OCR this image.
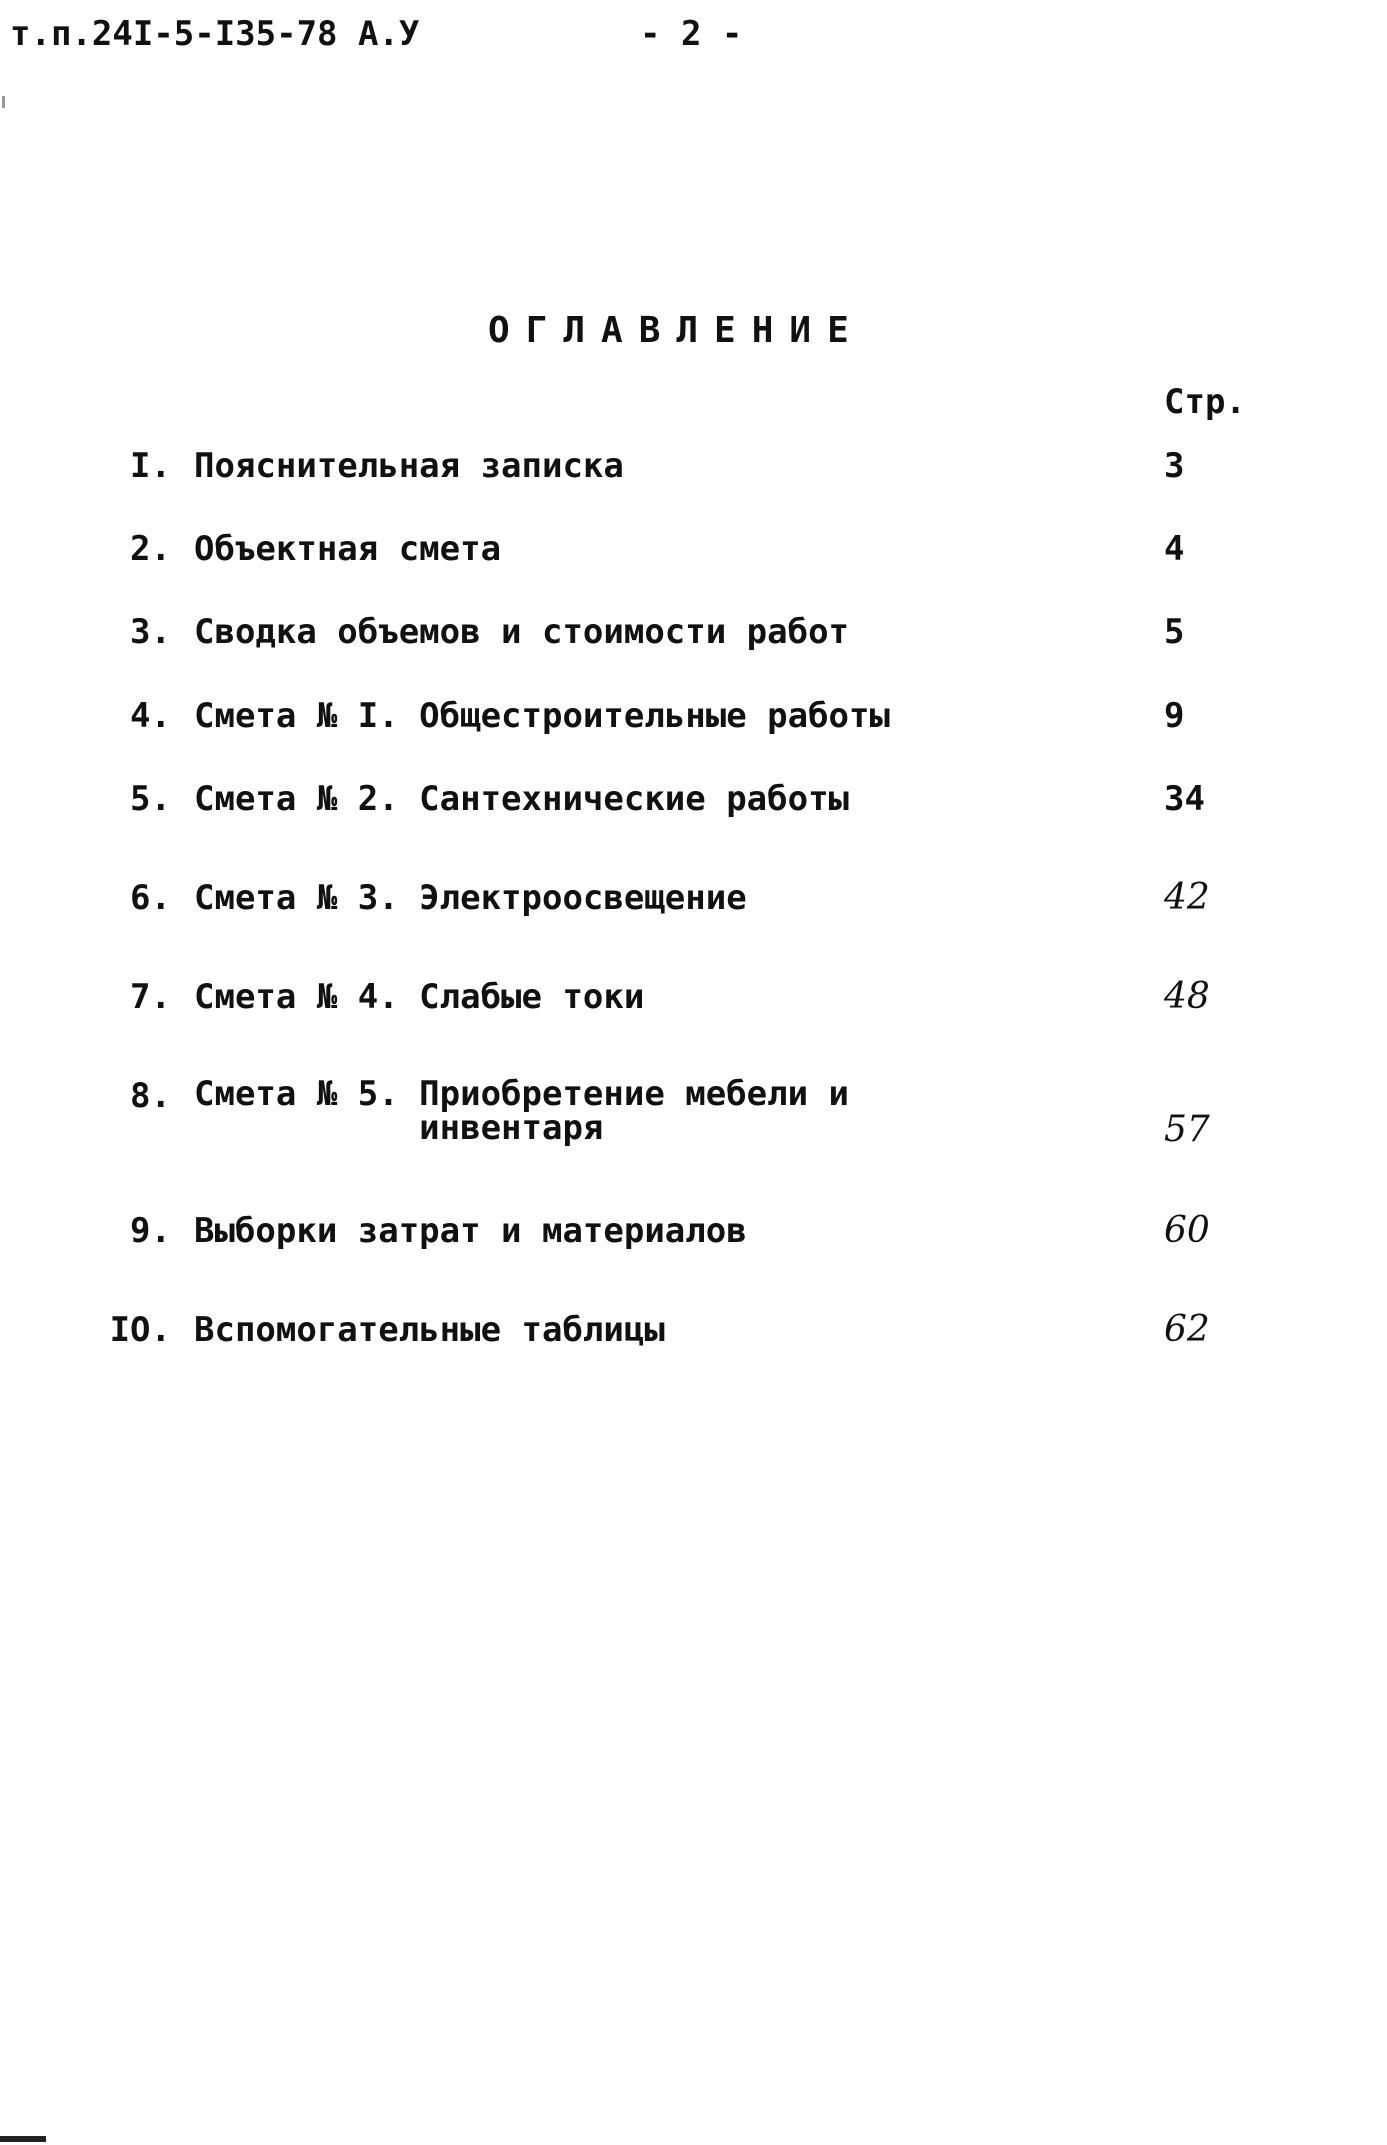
т.п.24I-5-I35-78 А.У	- 2 -
ОГЛАВЛЕНИЕ
Стр.
I. Пояснительная записка	3
2. Объектная смета	4
3. Сводка объемов и стоимости работ	5
4. Смета № I. Общестроительные работы	9
5. Смета № 2. Сантехнические работы	34
6. Смета № 3. Электроосвещение	42
7. Смета № 4. Слабые токи	48
8. Смета № 5. Приобретение мебели и
инвентаря	57
9. Выборки затрат и материалов	60
IO. Вспомогательные таблицы	62
